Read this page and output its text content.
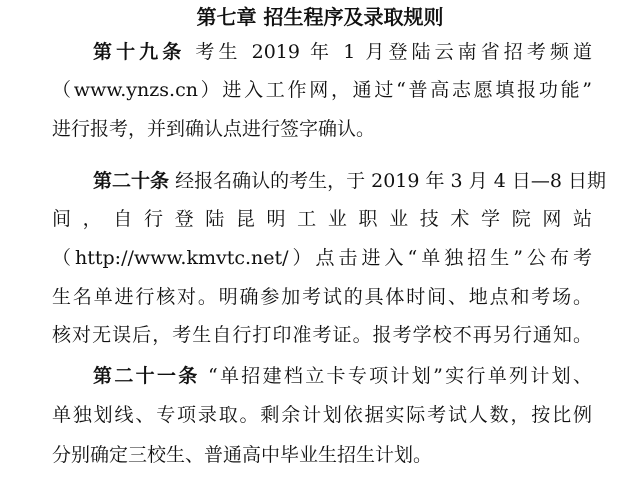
第七章 招生程序及录取规则

第十九条 考生 2019 年 1 月登陆云南省招考频道

（www.ynzs.cn）进入工作网，通过“普高志愿填报功能”

进行报考，并到确认点进行签字确认。

第二十条 经报名确认的考生，于 2019 年 3 月 4 日—8 日期

间，自行登陆昆明工业职业技术学院网站

（http://www.kmvtc.net/）点击进入“单独招生”公布考

生名单进行核对。明确参加考试的具体时间、地点和考场。

核对无误后，考生自行打印准考证。报考学校不再另行通知。

第二十一条 “单招建档立卡专项计划”实行单列计划、

单独划线、专项录取。剩余计划依据实际考试人数，按比例

分别确定三校生、普通高中毕业生招生计划。
